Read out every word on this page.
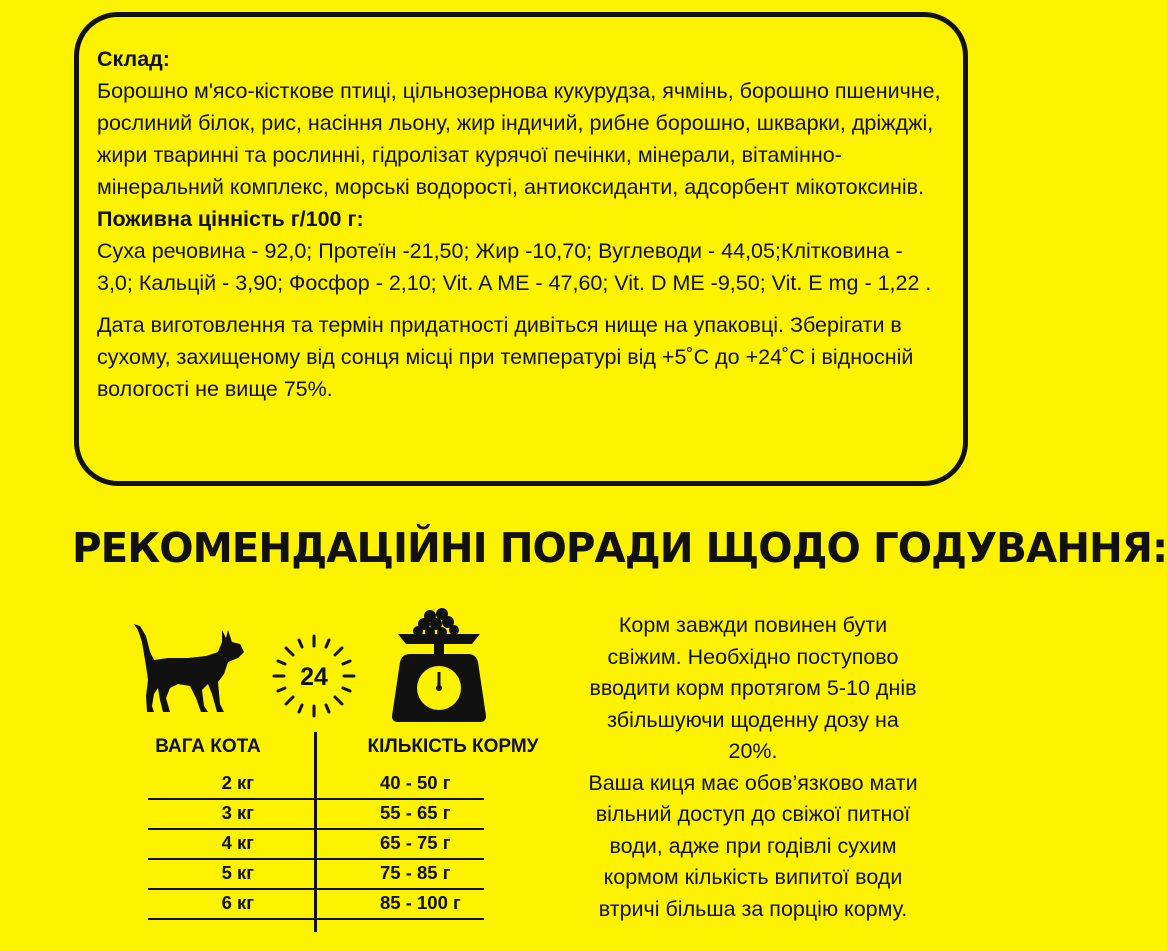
Склад:

Борошно м'ясо-кісткове птиці, цільнозернова кукурудза, ячмінь, борошно пшеничне, рослиний білок, рис, насіння льону, жир індичий, рибне борошно, шкварки, дріжджі, жири тваринні та рослинні, гідролізат курячої печінки, мінерали, вітамінно-мінеральний комплекс, морські водорості, антиоксиданти, адсорбент мікотоксинів.

Поживна цінність г/100 г:

Суха речовина - 92,0; Протеїн -21,50; Жир -10,70; Вуглеводи - 44,05;Клітковина - 3,0; Кальцій - 3,90; Фосфор - 2,10; Vit. A ME - 47,60; Vit. D ME -9,50; Vit. E mg - 1,22 .

Дата виготовлення та термін придатності дивіться нище на упаковці. Зберігати в сухому, захищеному від сонця місці при температурі від +5˚C до +24˚C і відносній вологості не вище 75%.

РЕКОМЕНДАЦІЙНІ ПОРАДИ ЩОДО ГОДУВАННЯ:
24
ВАГА КОТА	КІЛЬКІСТЬ КОРМУ
2 кг	40 - 50 г
3 кг	55 - 65 г
4 кг	65 - 75 г
5 кг	75 - 85 г
6 кг	85 - 100 г

Корм завжди повинен бути свіжим. Необхідно поступово вводити корм протягом 5-10 днів збільшуючи щоденну дозу на 20%.

Ваша киця має обов’язково мати вільний доступ до свіжої питної води, адже при годівлі сухим кормом кількість випитої води втричі більша за порцію корму.
